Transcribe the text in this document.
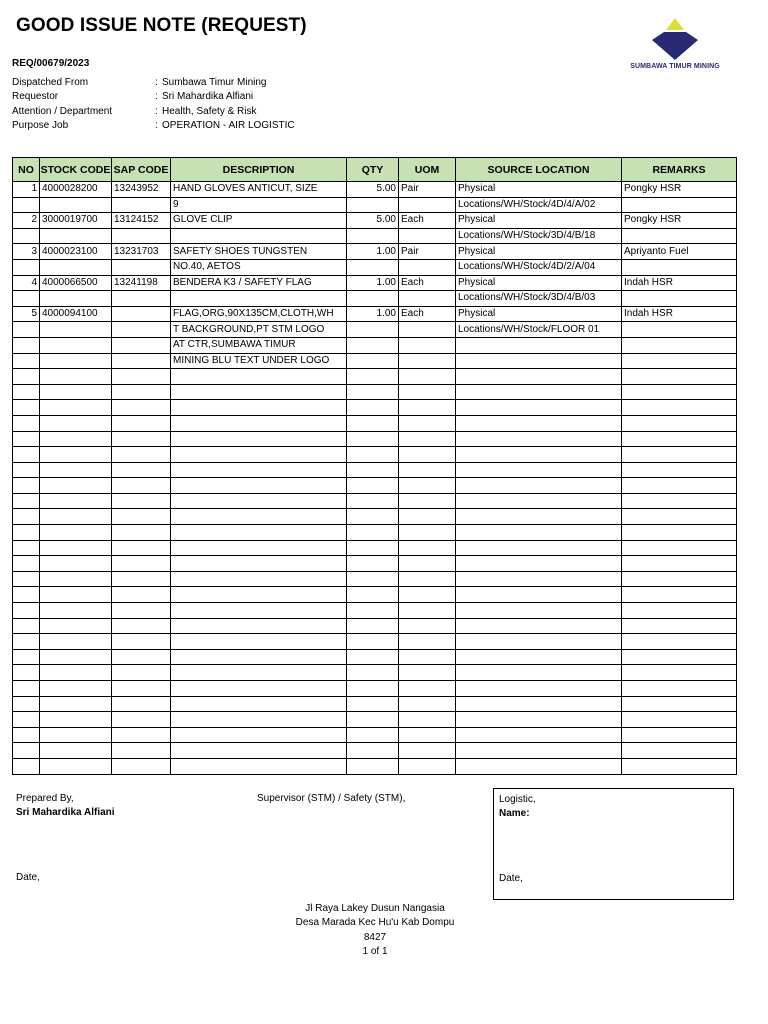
GOOD ISSUE NOTE (REQUEST)
REQ/00679/2023	SUMBAWA TIMUR MINING
Dispatched From	: Sumbawa Timur Mining
Requestor	: Sri Mahardika Alfiani
Attention / Department	: Health, Safety & Risk
Purpose Job	: OPERATION - AIR LOGISTIC
NO	STOCK CODE	SAP CODE	DESCRIPTION	QTY	UOM	SOURCE LOCATION	REMARKS
1	4000028200	13243952	HAND GLOVES ANTICUT, SIZE	5.00	Pair	Physical	Pongky HSR
			9			Locations/WH/Stock/4D/4/A/02	
2	3000019700	13124152	GLOVE CLIP	5.00	Each	Physical	Pongky HSR
						Locations/WH/Stock/3D/4/B/18	
3	4000023100	13231703	SAFETY SHOES TUNGSTEN	1.00	Pair	Physical	Apriyanto Fuel
			NO.40, AETOS			Locations/WH/Stock/4D/2/A/04	
4	4000066500	13241198	BENDERA K3 / SAFETY FLAG	1.00	Each	Physical	Indah HSR
						Locations/WH/Stock/3D/4/B/03	
5	4000094100		FLAG,ORG,90X135CM,CLOTH,WH	1.00	Each	Physical	Indah HSR
			T BACKGROUND,PT STM LOGO			Locations/WH/Stock/FLOOR 01	
			AT CTR,SUMBAWA TIMUR				
			MINING BLU TEXT UNDER LOGO				

Prepared By,
Sri Mahardika Alfiani
Date,
Supervisor (STM) / Safety (STM),	Logistic,
Name:
Date,
Jl Raya Lakey Dusun Nangasia
Desa Marada Kec Hu'u Kab Dompu
8427
1 of 1
